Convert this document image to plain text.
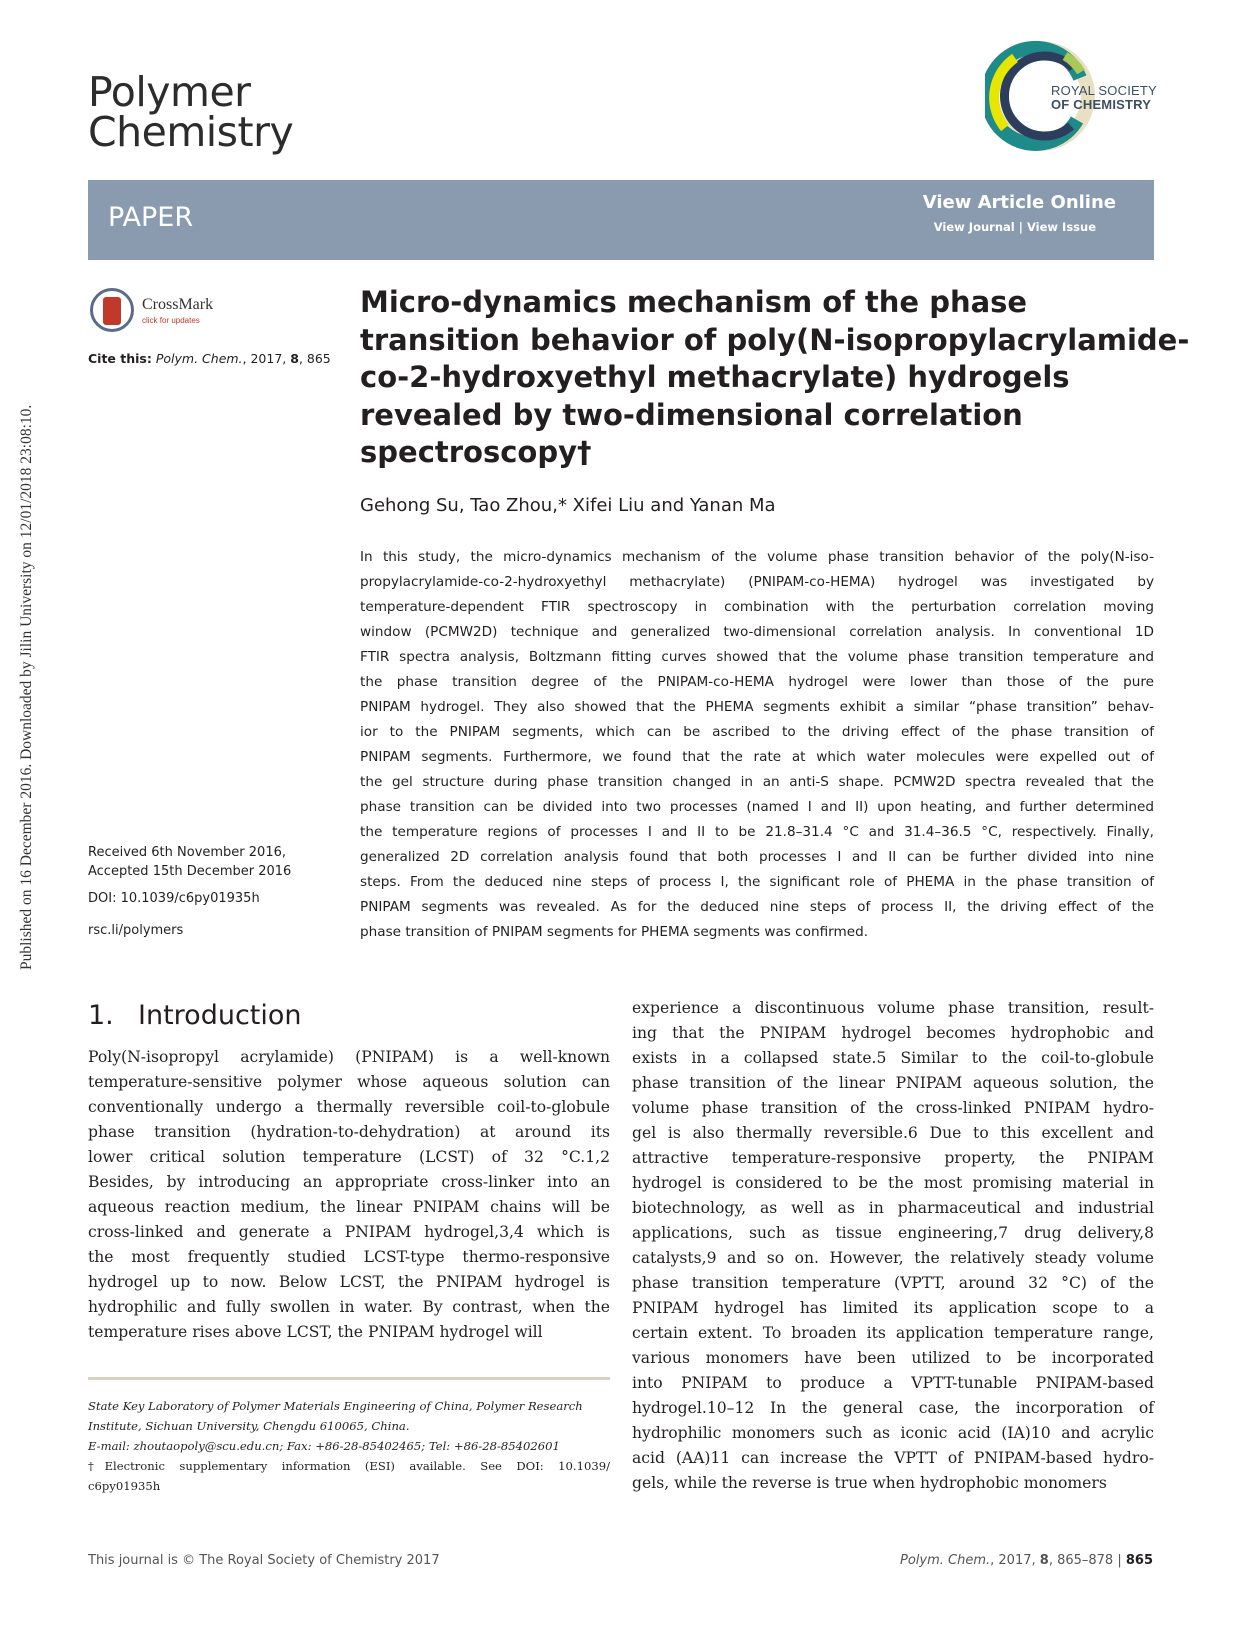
Published on 16 December 2016. Downloaded by Jilin University on 12/01/2018 23:08:10.
Polymer
Chemistry
ROYAL SOCIETY
OF CHEMISTRY
PAPER	View Article Online
View Journal | View Issue
CrossMark
click for updates
Cite this: Polym. Chem., 2017, 8, 865
Micro-dynamics mechanism of the phase
transition behavior of poly(N-isopropylacrylamide-
co-2-hydroxyethyl methacrylate) hydrogels
revealed by two-dimensional correlation
spectroscopy†
Gehong Su, Tao Zhou,* Xifei Liu and Yanan Ma
In this study, the micro-dynamics mechanism of the volume phase transition behavior of the poly(N-iso-
propylacrylamide-co-2-hydroxyethyl methacrylate) (PNIPAM-co-HEMA) hydrogel was investigated by
temperature-dependent FTIR spectroscopy in combination with the perturbation correlation moving
window (PCMW2D) technique and generalized two-dimensional correlation analysis. In conventional 1D
FTIR spectra analysis, Boltzmann fitting curves showed that the volume phase transition temperature and
the phase transition degree of the PNIPAM-co-HEMA hydrogel were lower than those of the pure
PNIPAM hydrogel. They also showed that the PHEMA segments exhibit a similar “phase transition” behav-
ior to the PNIPAM segments, which can be ascribed to the driving effect of the phase transition of
PNIPAM segments. Furthermore, we found that the rate at which water molecules were expelled out of
the gel structure during phase transition changed in an anti-S shape. PCMW2D spectra revealed that the
phase transition can be divided into two processes (named I and II) upon heating, and further determined
the temperature regions of processes I and II to be 21.8–31.4 °C and 31.4–36.5 °C, respectively. Finally,
generalized 2D correlation analysis found that both processes I and II can be further divided into nine
steps. From the deduced nine steps of process I, the significant role of PHEMA in the phase transition of
PNIPAM segments was revealed. As for the deduced nine steps of process II, the driving effect of the
phase transition of PNIPAM segments for PHEMA segments was confirmed.
Received 6th November 2016,
Accepted 15th December 2016
DOI: 10.1039/c6py01935h
rsc.li/polymers
1. Introduction
Poly(N-isopropyl acrylamide) (PNIPAM) is a well-known
temperature-sensitive polymer whose aqueous solution can
conventionally undergo a thermally reversible coil-to-globule
phase transition (hydration-to-dehydration) at around its
lower critical solution temperature (LCST) of 32 °C.1,2
Besides, by introducing an appropriate cross-linker into an
aqueous reaction medium, the linear PNIPAM chains will be
cross-linked and generate a PNIPAM hydrogel,3,4 which is
the most frequently studied LCST-type thermo-responsive
hydrogel up to now. Below LCST, the PNIPAM hydrogel is
hydrophilic and fully swollen in water. By contrast, when the
temperature rises above LCST, the PNIPAM hydrogel will
experience a discontinuous volume phase transition, result-
ing that the PNIPAM hydrogel becomes hydrophobic and
exists in a collapsed state.5 Similar to the coil-to-globule
phase transition of the linear PNIPAM aqueous solution, the
volume phase transition of the cross-linked PNIPAM hydro-
gel is also thermally reversible.6 Due to this excellent and
attractive temperature-responsive property, the PNIPAM
hydrogel is considered to be the most promising material in
biotechnology, as well as in pharmaceutical and industrial
applications, such as tissue engineering,7 drug delivery,8
catalysts,9 and so on. However, the relatively steady volume
phase transition temperature (VPTT, around 32 °C) of the
PNIPAM hydrogel has limited its application scope to a
certain extent. To broaden its application temperature range,
various monomers have been utilized to be incorporated
into PNIPAM to produce a VPTT-tunable PNIPAM-based
hydrogel.10–12 In the general case, the incorporation of
hydrophilic monomers such as iconic acid (IA)10 and acrylic
acid (AA)11 can increase the VPTT of PNIPAM-based hydro-
gels, while the reverse is true when hydrophobic monomers
State Key Laboratory of Polymer Materials Engineering of China, Polymer Research
Institute, Sichuan University, Chengdu 610065, China.
E-mail: zhoutaopoly@scu.edu.cn; Fax: +86-28-85402465; Tel: +86-28-85402601
†Electronic supplementary information (ESI) available. See DOI: 10.1039/
c6py01935h
This journal is © The Royal Society of Chemistry 2017	Polym. Chem., 2017, 8, 865–878 | 865
